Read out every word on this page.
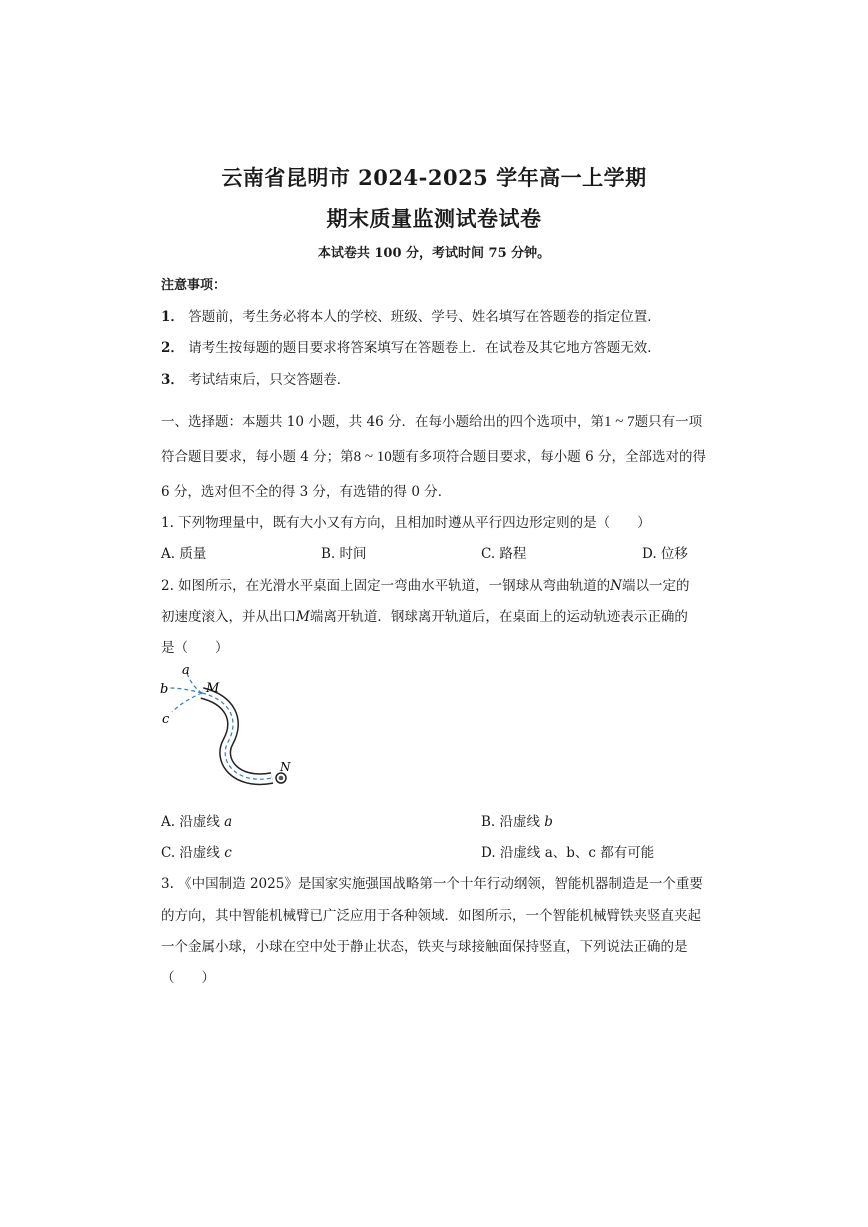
云南省昆明市 2024-2025 学年高一上学期
期末质量监测试卷试卷
本试卷共 100 分，考试时间 75 分钟。
注意事项：
1． 答题前，考生务必将本人的学校、班级、学号、姓名填写在答题卷的指定位置．
2． 请考生按每题的题目要求将答案填写在答题卷上．在试卷及其它地方答题无效．
3． 考试结束后，只交答题卷．
一、选择题：本题共 10 小题，共 46 分．在每小题给出的四个选项中，第1 ~ 7题只有一项
符合题目要求，每小题 4 分；第8 ~ 10题有多项符合题目要求，每小题 6 分，全部选对的得
6 分，选对但不全的得 3 分，有选错的得 0 分．
1. 下列物理量中，既有大小又有方向，且相加时遵从平行四边形定则的是（　　）
A. 质量	B. 时间	C. 路程	D. 位移
2. 如图所示，在光滑水平桌面上固定一弯曲水平轨道，一钢球从弯曲轨道的N端以一定的
初速度滚入，并从出口M端离开轨道．钢球离开轨道后，在桌面上的运动轨迹表示正确的
是（　　）
a
b
c
M
N
A. 沿虚线 a	B. 沿虚线 b
C. 沿虚线 c	D. 沿虚线 a、b、c 都有可能
3. 《中国制造 2025》是国家实施强国战略第一个十年行动纲领，智能机器制造是一个重要
的方向，其中智能机械臂已广泛应用于各种领域．如图所示，一个智能机械臂铁夹竖直夹起
一个金属小球，小球在空中处于静止状态，铁夹与球接触面保持竖直，下列说法正确的是
（　　）
